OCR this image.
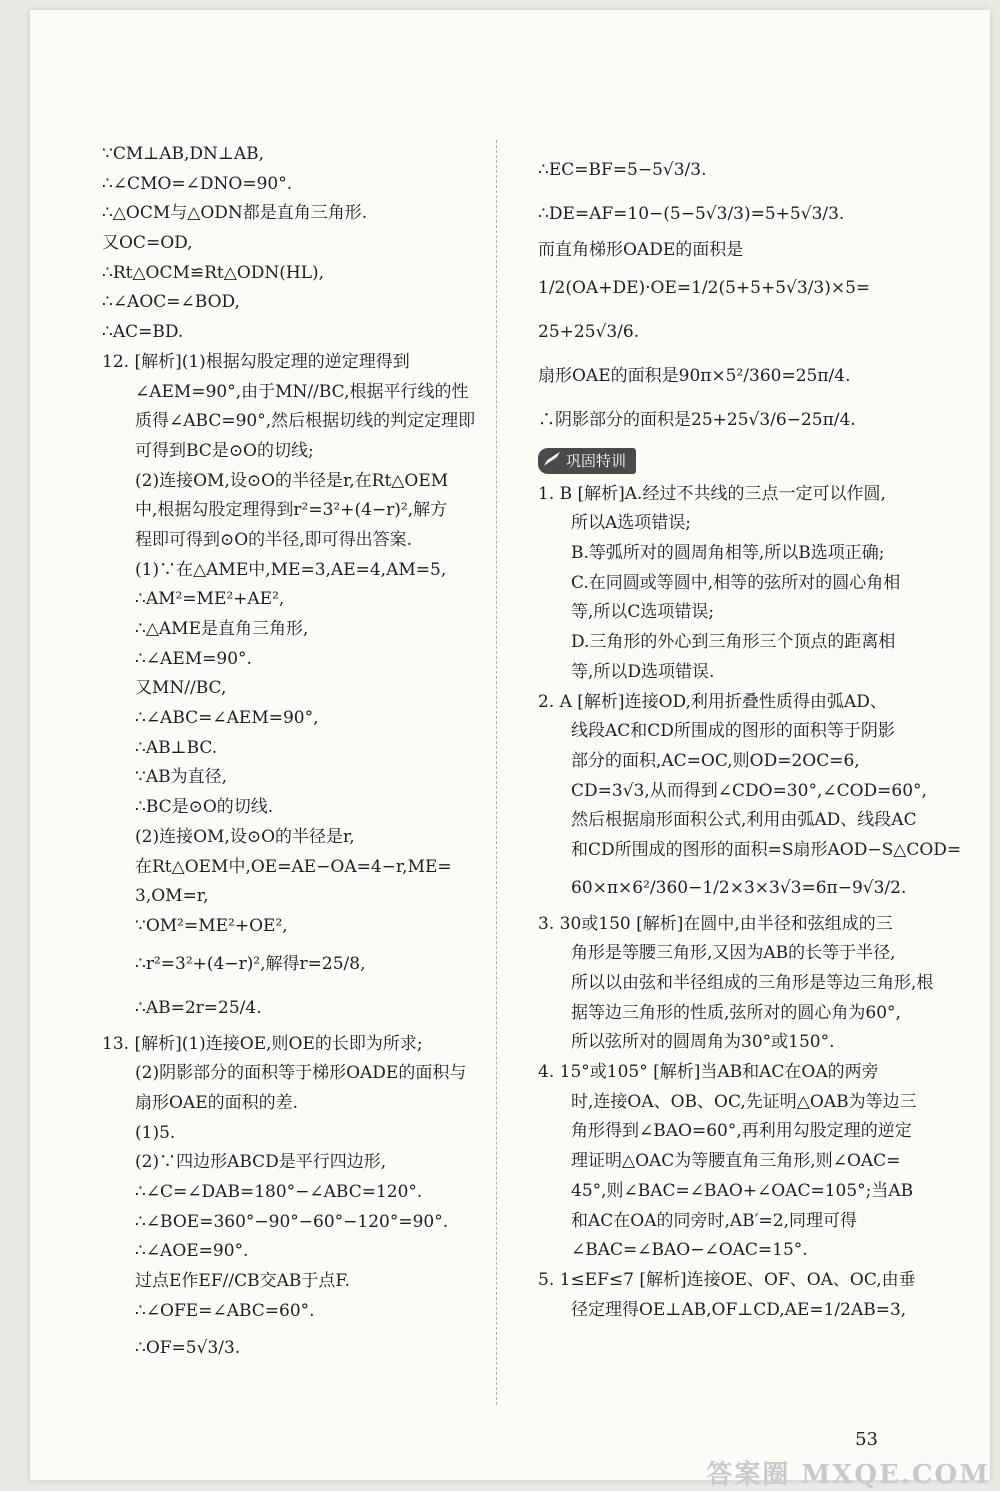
∵CM⊥AB,DN⊥AB,
∴∠CMO=∠DNO=90°.
∴△OCM与△ODN都是直角三角形.
又OC=OD,
∴Rt△OCM≌Rt△ODN(HL),
∴∠AOC=∠BOD,
∴AC=BD.
12. [解析](1)根据勾股定理的逆定理得到
∠AEM=90°,由于MN//BC,根据平行线的性
质得∠ABC=90°,然后根据切线的判定定理即
可得到BC是⊙O的切线;
(2)连接OM,设⊙O的半径是r,在Rt△OEM
中,根据勾股定理得到r²=3²+(4−r)²,解方
程即可得到⊙O的半径,即可得出答案.
(1)∵在△AME中,ME=3,AE=4,AM=5,
∴AM²=ME²+AE²,
∴△AME是直角三角形,
∴∠AEM=90°.
又MN//BC,
∴∠ABC=∠AEM=90°,
∴AB⊥BC.
∵AB为直径,
∴BC是⊙O的切线.
(2)连接OM,设⊙O的半径是r,
在Rt△OEM中,OE=AE−OA=4−r,ME=
3,OM=r,
∵OM²=ME²+OE²,
∴r²=3²+(4−r)²,解得r=25/8,
∴AB=2r=25/4.
13. [解析](1)连接OE,则OE的长即为所求;
(2)阴影部分的面积等于梯形OADE的面积与
扇形OAE的面积的差.
(1)5.
(2)∵四边形ABCD是平行四边形,
∴∠C=∠DAB=180°−∠ABC=120°.
∴∠BOE=360°−90°−60°−120°=90°.
∴∠AOE=90°.
过点E作EF//CB交AB于点F.
∴∠OFE=∠ABC=60°.
∴OF=5√3/3.
∴EC=BF=5−5√3/3.
∴DE=AF=10−(5−5√3/3)=5+5√3/3.
而直角梯形OADE的面积是
1/2(OA+DE)·OE=1/2(5+5+5√3/3)×5=
25+25√3/6.
扇形OAE的面积是90π×5²/360=25π/4.
∴阴影部分的面积是25+25√3/6−25π/4.
巩固特训
1. B [解析]A.经过不共线的三点一定可以作圆,
所以A选项错误;
B.等弧所对的圆周角相等,所以B选项正确;
C.在同圆或等圆中,相等的弦所对的圆心角相
等,所以C选项错误;
D.三角形的外心到三角形三个顶点的距离相
等,所以D选项错误.
2. A [解析]连接OD,利用折叠性质得由弧AD、
线段AC和CD所围成的图形的面积等于阴影
部分的面积,AC=OC,则OD=2OC=6,
CD=3√3,从而得到∠CDO=30°,∠COD=60°,
然后根据扇形面积公式,利用由弧AD、线段AC
和CD所围成的图形的面积=S扇形AOD−S△COD=
60×π×6²/360−1/2×3×3√3=6π−9√3/2.
3. 30或150 [解析]在圆中,由半径和弦组成的三
角形是等腰三角形,又因为AB的长等于半径,
所以以由弦和半径组成的三角形是等边三角形,根
据等边三角形的性质,弦所对的圆心角为60°,
所以弦所对的圆周角为30°或150°.
4. 15°或105° [解析]当AB和AC在OA的两旁
时,连接OA、OB、OC,先证明△OAB为等边三
角形得到∠BAO=60°,再利用勾股定理的逆定
理证明△OAC为等腰直角三角形,则∠OAC=
45°,则∠BAC=∠BAO+∠OAC=105°;当AB
和AC在OA的同旁时,AB′=2,同理可得
∠BAC=∠BAO−∠OAC=15°.
5. 1≤EF≤7 [解析]连接OE、OF、OA、OC,由垂
径定理得OE⊥AB,OF⊥CD,AE=1/2AB=3,
53
答案圈 MXQE.COM
